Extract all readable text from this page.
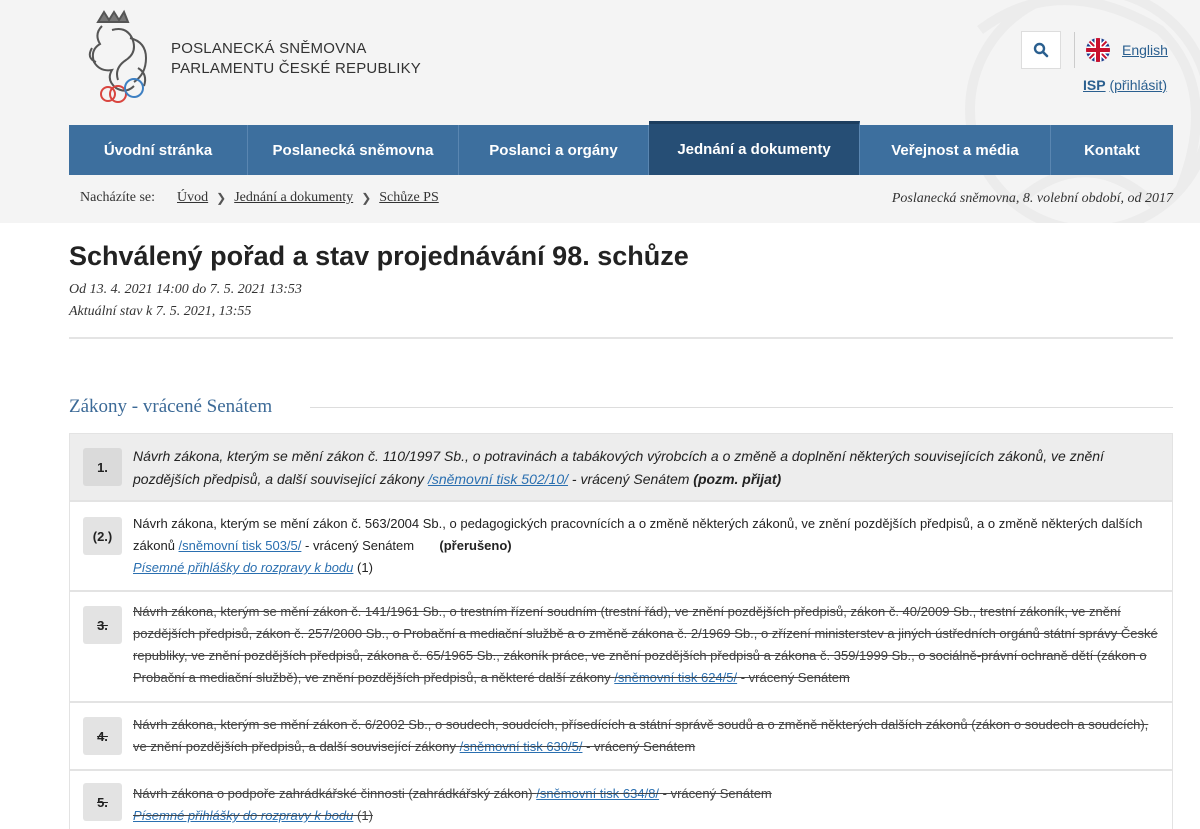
POSLANECKÁ SNĚMOVNA
PARLAMENTU ČESKÉ REPUBLIKY
English
ISP (přihlásit)
Úvodní stránka	Poslanecká sněmovna	Poslanci a orgány	Jednání a dokumenty	Veřejnost a média	Kontakt
Nacházíte se: Úvod ❯ Jednání a dokumenty ❯ Schůze PS	Poslanecká sněmovna, 8. volební období, od 2017
Schválený pořad a stav projednávání 98. schůze
Od 13. 4. 2021 14:00 do 7. 5. 2021 13:53
Aktuální stav k 7. 5. 2021, 13:55
Zákony - vrácené Senátem
1.
Návrh zákona, kterým se mění zákon č. 110/1997 Sb., o potravinách a tabákových výrobcích a o změně a doplnění některých souvisejících zákonů, ve znění pozdějších předpisů, a další související zákony /sněmovní tisk 502/10/ - vrácený Senátem (pozm. přijat)
(2.)
Návrh zákona, kterým se mění zákon č. 563/2004 Sb., o pedagogických pracovnících a o změně některých zákonů, ve znění pozdějších předpisů, a o změně některých dalších zákonů /sněmovní tisk 503/5/ - vrácený Senátem       (přerušeno)
Písemné přihlášky do rozpravy k bodu (1)
3.
Návrh zákona, kterým se mění zákon č. 141/1961 Sb., o trestním řízení soudním (trestní řád), ve znění pozdějších předpisů, zákon č. 40/2009 Sb., trestní zákoník, ve znění pozdějších předpisů, zákon č. 257/2000 Sb., o Probační a mediační službě a o změně zákona č. 2/1969 Sb., o zřízení ministerstev a jiných ústředních orgánů státní správy České republiky, ve znění pozdějších předpisů, zákona č. 65/1965 Sb., zákoník práce, ve znění pozdějších předpisů a zákona č. 359/1999 Sb., o sociálně-právní ochraně dětí (zákon o Probační a mediační službě), ve znění pozdějších předpisů, a některé další zákony /sněmovní tisk 624/5/ - vrácený Senátem
4.
Návrh zákona, kterým se mění zákon č. 6/2002 Sb., o soudech, soudcích, přísedících a státní správě soudů a o změně některých dalších zákonů (zákon o soudech a soudcích), ve znění pozdějších předpisů, a další související zákony /sněmovní tisk 630/5/ - vrácený Senátem
5.
Návrh zákona o podpoře zahrádkářské činnosti (zahrádkářský zákon) /sněmovní tisk 634/8/ - vrácený Senátem
Písemné přihlášky do rozpravy k bodu (1)
